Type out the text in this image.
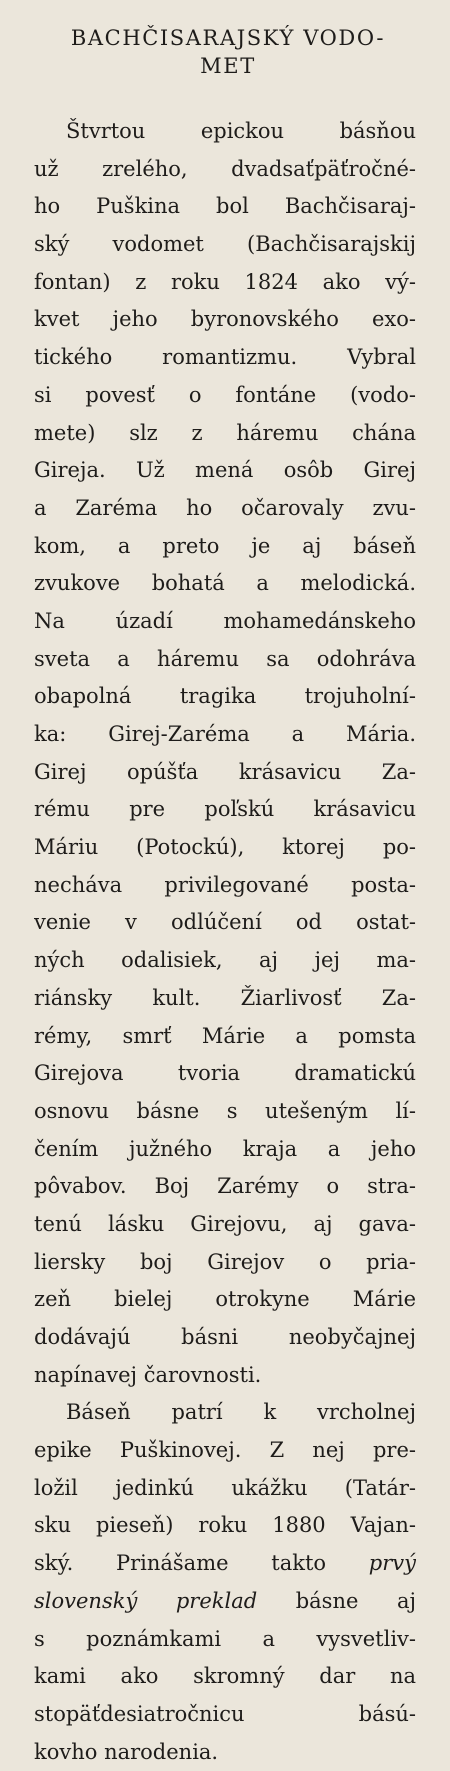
BACHČISARAJSKÝ VODO-
MET
Štvrtou epickou básňou
už zrelého, dvadsaťpäťročné-
ho Puškina bol Bachčisaraj-
ský vodomet (Bachčisarajskij
fontan) z roku 1824 ako vý-
kvet jeho byronovského exo-
tického romantizmu. Vybral
si povesť o fontáne (vodo-
mete) slz z háremu chána
Gireja. Už mená osôb Girej
a Zaréma ho očarovaly zvu-
kom, a preto je aj báseň
zvukove bohatá a melodická.
Na úzadí mohamedánskeho
sveta a háremu sa odohráva
obapolná tragika trojuholní-
ka: Girej-Zaréma a Mária.
Girej opúšťa krásavicu Za-
rému pre poľskú krásavicu
Máriu (Potockú), ktorej po-
necháva privilegované posta-
venie v odlúčení od ostat-
ných odalisiek, aj jej ma-
riánsky kult. Žiarlivosť Za-
rémy, smrť Márie a pomsta
Girejova tvoria dramatickú
osnovu básne s utešeným lí-
čením južného kraja a jeho
pôvabov. Boj Zarémy o stra-
tenú lásku Girejovu, aj gava-
liersky boj Girejov o pria-
zeň bielej otrokyne Márie
dodávajú básni neobyčajnej
napínavej čarovnosti.
Báseň patrí k vrcholnej
epike Puškinovej. Z nej pre-
ložil jedinkú ukážku (Tatár-
sku pieseň) roku 1880 Vajan-
ský. Prinášame takto prvý
slovenský preklad básne aj
s poznámkami a vysvetliv-
kami ako skromný dar na
stopäťdesiatročnicu bású-
kovho narodenia.
